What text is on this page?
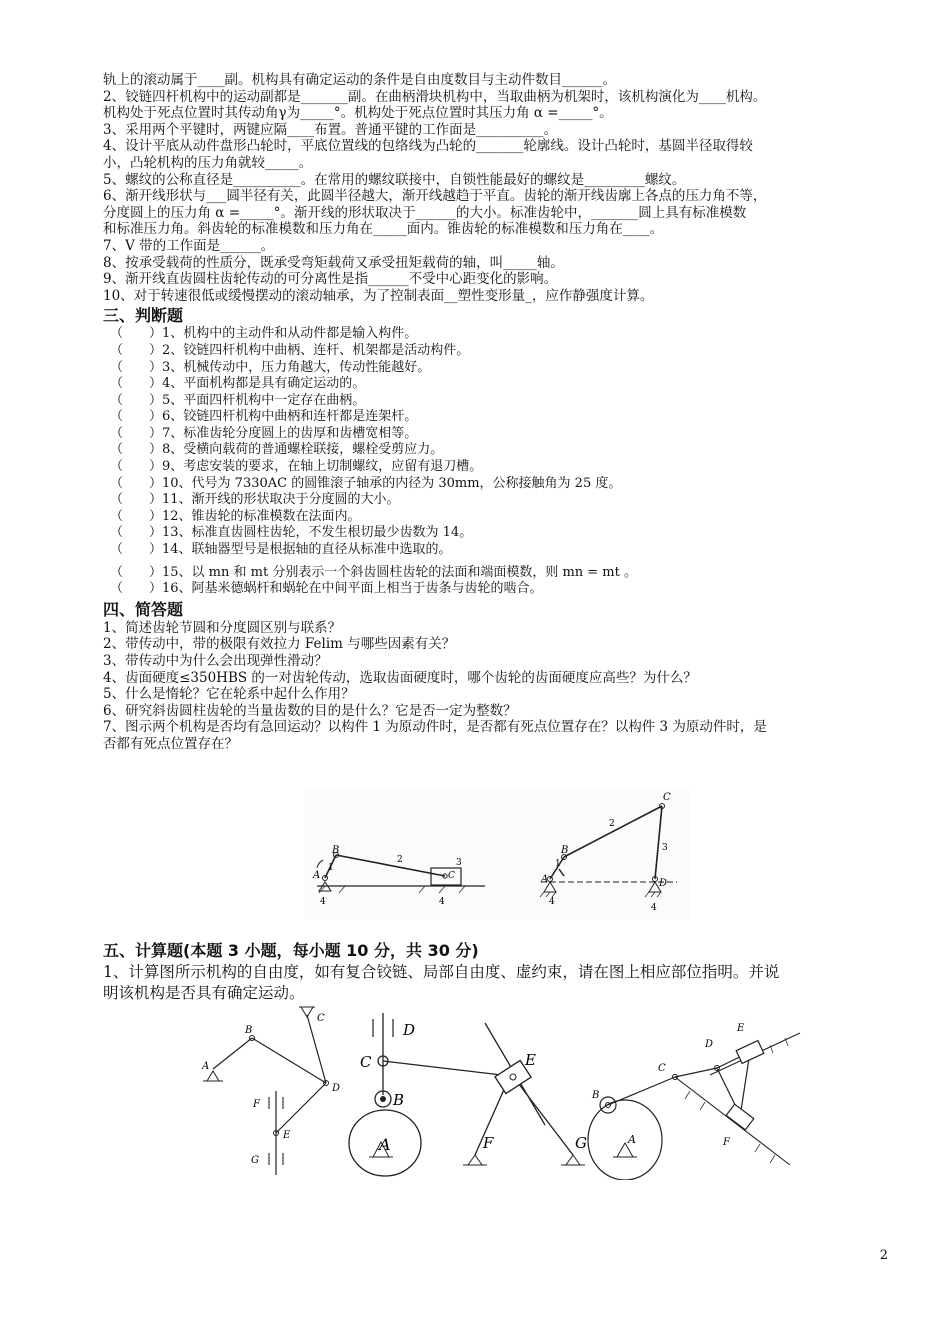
轨上的滚动属于____副。机构具有确定运动的条件是自由度数目与主动件数目______。
2、铰链四杆机构中的运动副都是_______副。在曲柄滑块机构中，当取曲柄为机架时，该机构演化为____机构。
机构处于死点位置时其传动角γ为_____°。机构处于死点位置时其压力角 α =_____°。
3、采用两个平键时，两键应隔____布置。普通平键的工作面是__________。
4、设计平底从动件盘形凸轮时，平底位置线的包络线为凸轮的_______轮廓线。设计凸轮时，基圆半径取得较
小，凸轮机构的压力角就较_____。
5、螺纹的公称直径是__________。在常用的螺纹联接中，自锁性能最好的螺纹是_________螺纹。
6、渐开线形状与___圆半径有关，此圆半径越大，渐开线越趋于平直。齿轮的渐开线齿廓上各点的压力角不等，
分度圆上的压力角 α =_____°。渐开线的形状取决于______的大小。标准齿轮中，_______圆上具有标准模数
和标准压力角。斜齿轮的标准模数和压力角在_____面内。锥齿轮的标准模数和压力角在____。
7、V 带的工作面是______。
8、按承受载荷的性质分，既承受弯矩载荷又承受扭矩载荷的轴，叫_____轴。
9、渐开线直齿圆柱齿轮传动的可分离性是指______不受中心距变化的影响。
10、对于转速很低或缓慢摆动的滚动轴承，为了控制表面__塑性变形量_，应作静强度计算。
三、判断题
（　　）1、机构中的主动件和从动件都是输入构件。
（　　）2、铰链四杆机构中曲柄、连杆、机架都是活动构件。
（　　）3、机械传动中，压力角越大，传动性能越好。
（　　）4、平面机构都是具有确定运动的。
（　　）5、平面四杆机构中一定存在曲柄。
（　　）6、铰链四杆机构中曲柄和连杆都是连架杆。
（　　）7、标准齿轮分度圆上的齿厚和齿槽宽相等。
（　　）8、受横向载荷的普通螺栓联接，螺栓受剪应力。
（　　）9、考虑安装的要求，在轴上切制螺纹，应留有退刀槽。
（　　）10、代号为 7330AC 的圆锥滚子轴承的内径为 30mm，公称接触角为 25 度。
（　　）11、渐开线的形状取决于分度圆的大小。
（　　）12、锥齿轮的标准模数在法面内。
（　　）13、标准直齿圆柱齿轮，不发生根切最少齿数为 14。
（　　）14、联轴器型号是根据轴的直径从标准中选取的。
（　　）15、以 mn 和 mt 分别表示一个斜齿圆柱齿轮的法面和端面模数，则 mn = mt 。
（　　）16、阿基米德蜗杆和蜗轮在中间平面上相当于齿条与齿轮的啮合。
四、简答题
1、简述齿轮节圆和分度圆区别与联系？
2、带传动中，带的极限有效拉力 Felim 与哪些因素有关？
3、带传动中为什么会出现弹性滑动？
4、齿面硬度≤350HBS 的一对齿轮传动，选取齿面硬度时，哪个齿轮的齿面硬度应高些？为什么？
5、什么是惰轮？它在轮系中起什么作用？
6、研究斜齿圆柱齿轮的当量齿数的目的是什么？它是否一定为整数？
7、图示两个机构是否均有急回运动？以构件 1 为原动件时，是否都有死点位置存在？以构件 3 为原动件时，是
否都有死点位置存在？
B
A
1
2	3
C
4	4
B
A
1
2
C
3
D
4
4
五、计算题(本题 3 小题，每小题 10 分，共 30 分)
1、计算图所示机构的自由度，如有复合铰链、局部自由度、虚约束，请在图上相应部位指明。并说
明该机构是否具有确定运动。
B
A
C
D
F
E
G
D
C
B
A
E
F	G
B
A
C
D
E
F
2
